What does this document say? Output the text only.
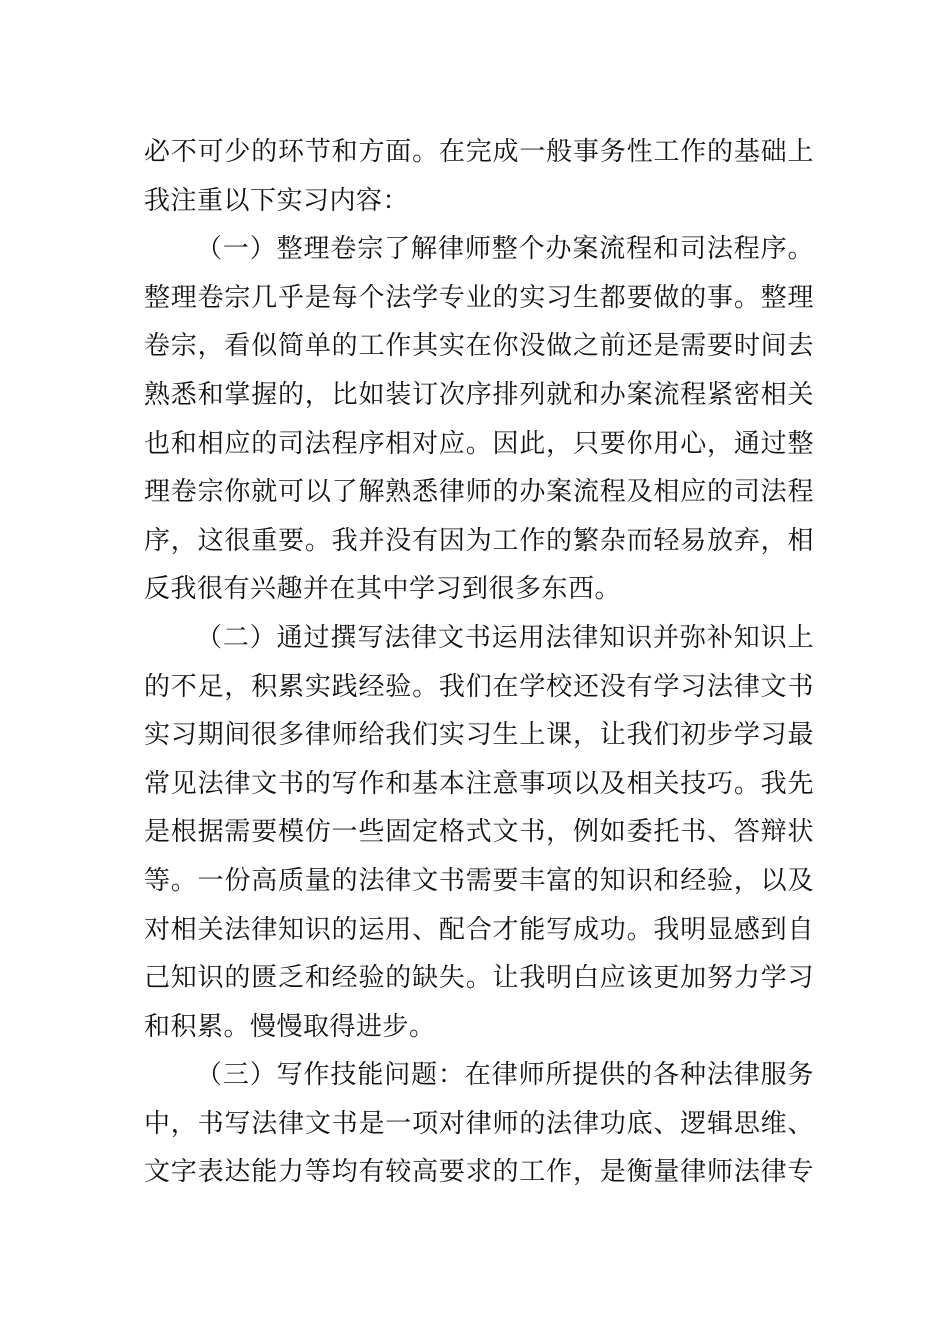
必不可少的环节和方面。在完成一般事务性工作的基础上
我注重以下实习内容：
（一）整理卷宗了解律师整个办案流程和司法程序。
整理卷宗几乎是每个法学专业的实习生都要做的事。整理
卷宗，看似简单的工作其实在你没做之前还是需要时间去
熟悉和掌握的，比如装订次序排列就和办案流程紧密相关
也和相应的司法程序相对应。因此，只要你用心，通过整
理卷宗你就可以了解熟悉律师的办案流程及相应的司法程
序，这很重要。我并没有因为工作的繁杂而轻易放弃，相
反我很有兴趣并在其中学习到很多东西。
（二）通过撰写法律文书运用法律知识并弥补知识上
的不足，积累实践经验。我们在学校还没有学习法律文书
实习期间很多律师给我们实习生上课，让我们初步学习最
常见法律文书的写作和基本注意事项以及相关技巧。我先
是根据需要模仿一些固定格式文书，例如委托书、答辩状
等。一份高质量的法律文书需要丰富的知识和经验，以及
对相关法律知识的运用、配合才能写成功。我明显感到自
己知识的匮乏和经验的缺失。让我明白应该更加努力学习
和积累。慢慢取得进步。
（三）写作技能问题：在律师所提供的各种法律服务
中，书写法律文书是一项对律师的法律功底、逻辑思维、
文字表达能力等均有较高要求的工作，是衡量律师法律专
